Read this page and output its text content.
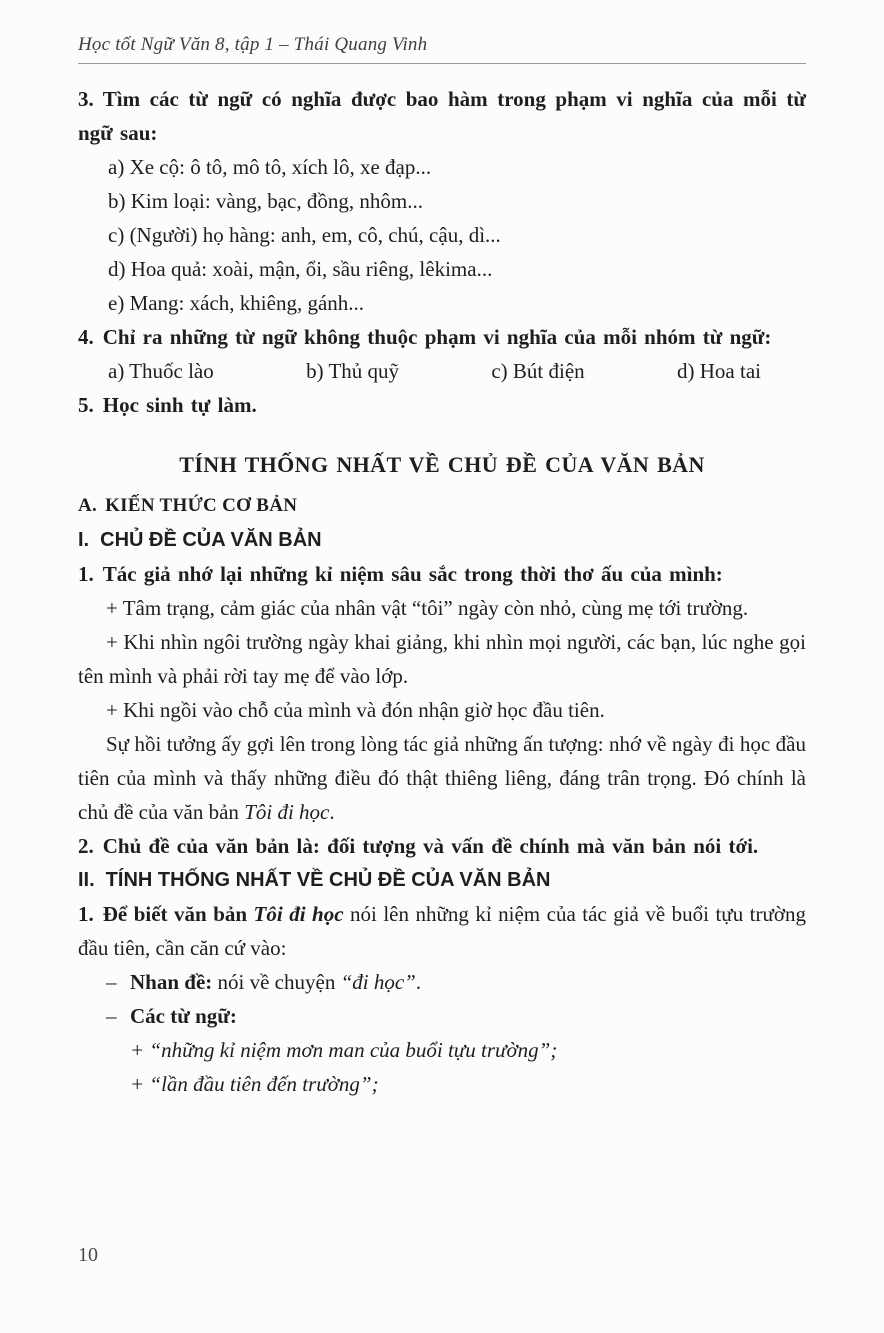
Học tốt Ngữ Văn 8, tập 1 – Thái Quang Vinh

3. Tìm các từ ngữ có nghĩa được bao hàm trong phạm vi nghĩa của mỗi từ ngữ sau:

a) Xe cộ: ô tô, mô tô, xích lô, xe đạp...

b) Kim loại: vàng, bạc, đồng, nhôm...

c) (Người) họ hàng: anh, em, cô, chú, cậu, dì...

d) Hoa quả: xoài, mận, ổi, sầu riêng, lêkima...

e) Mang: xách, khiêng, gánh...

4. Chỉ ra những từ ngữ không thuộc phạm vi nghĩa của mỗi nhóm từ ngữ:

a) Thuốc lào	b) Thủ quỹ	c) Bút điện	d) Hoa tai

5. Học sinh tự làm.

TÍNH THỐNG NHẤT VỀ CHỦ ĐỀ CỦA VĂN BẢN

A. KIẾN THỨC CƠ BẢN

I. CHỦ ĐỀ CỦA VĂN BẢN

1. Tác giả nhớ lại những kỉ niệm sâu sắc trong thời thơ ấu của mình:

+ Tâm trạng, cảm giác của nhân vật “tôi” ngày còn nhỏ, cùng mẹ tới trường.

+ Khi nhìn ngôi trường ngày khai giảng, khi nhìn mọi người, các bạn, lúc nghe gọi tên mình và phải rời tay mẹ để vào lớp.

+ Khi ngồi vào chỗ của mình và đón nhận giờ học đầu tiên.

Sự hồi tưởng ấy gợi lên trong lòng tác giả những ấn tượng: nhớ về ngày đi học đầu tiên của mình và thấy những điều đó thật thiêng liêng, đáng trân trọng. Đó chính là chủ đề của văn bản Tôi đi học.

2. Chủ đề của văn bản là: đối tượng và vấn đề chính mà văn bản nói tới.

II. TÍNH THỐNG NHẤT VỀ CHỦ ĐỀ CỦA VĂN BẢN

1. Để biết văn bản Tôi đi học nói lên những kỉ niệm của tác giả về buổi tựu trường đầu tiên, cần căn cứ vào:

– Nhan đề: nói về chuyện “đi học”.

– Các từ ngữ:

+ “những kỉ niệm mơn man của buổi tựu trường”;

+ “lần đầu tiên đến trường”;

10
